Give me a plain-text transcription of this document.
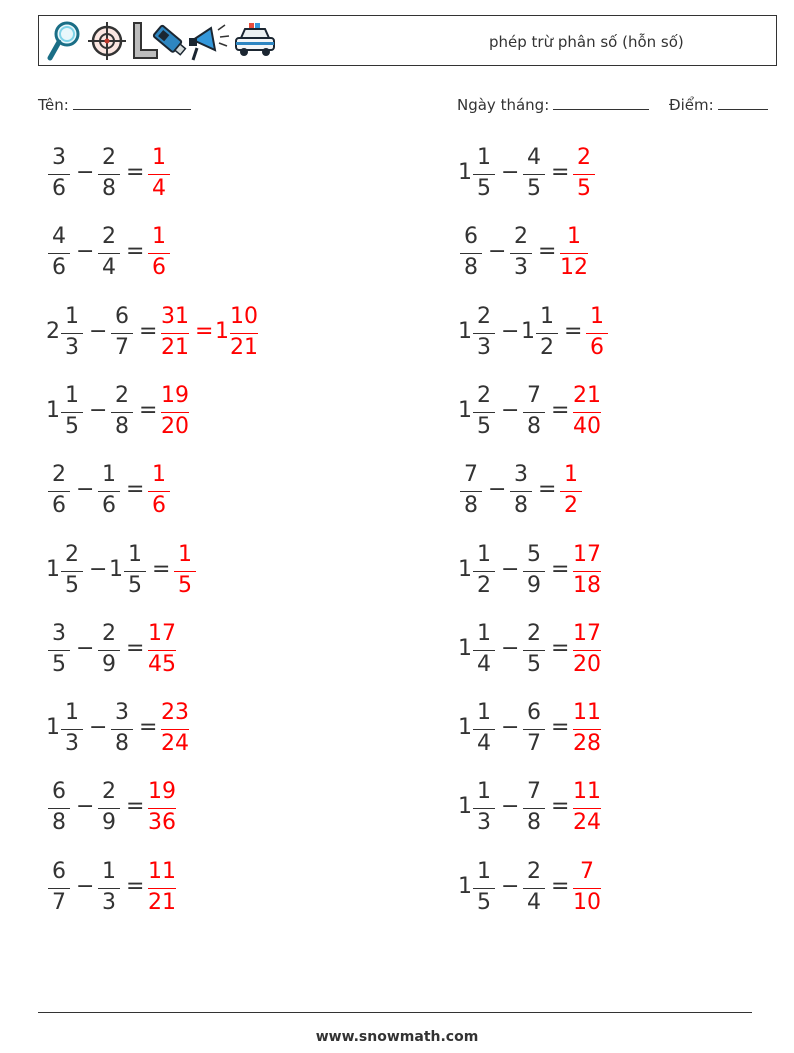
phép trừ phân số (hỗn số)
Tên:	Ngày tháng:	Điểm:
3
6
−
2
8
=
1
4
4
6
−
2
4
=
1
6
2
1
3
−
6
7
=
31
21
= 1
10
21
1
1
5
−
2
8
=
19
20
2
6
−
1
6
=
1
6
1
2
5
− 1
1
5
=
1
5
3
5
−
2
9
=
17
45
1
1
3
−
3
8
=
23
24
6
8
−
2
9
=
19
36
6
7
−
1
3
=
11
21
1
1
5
−
4
5
=
2
5
6
8
−
2
3
=
1
12
1
2
3
− 1
1
2
=
1
6
1
2
5
−
7
8
=
21
40
7
8
−
3
8
=
1
2
1
1
2
−
5
9
=
17
18
1
1
4
−
2
5
=
17
20
1
1
4
−
6
7
=
11
28
1
1
3
−
7
8
=
11
24
1
1
5
−
2
4
=
7
10
www.snowmath.com
